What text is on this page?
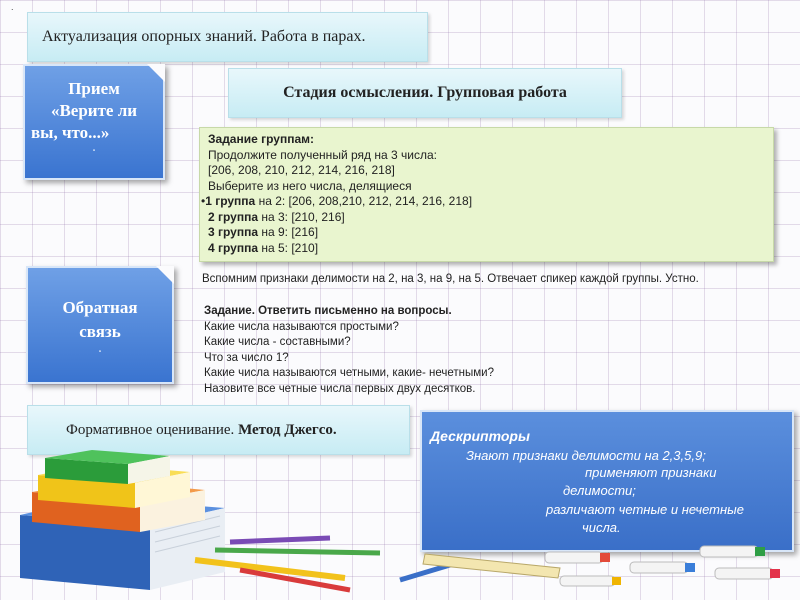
.
Актуализация опорных знаний. Работа в парах.
Стадия осмысления. Групповая работа
Прием
«Верите ли
вы, что...»
.
Задание группам:
Продолжите полученный ряд на 3 числа:
[206, 208, 210, 212, 214, 216, 218]
Выберите из него числа, делящиеся
•1 группа на 2: [206, 208,210, 212, 214, 216, 218]
2 группа на 3: [210, 216]
3 группа на 9: [216]
4 группа на 5: [210]
Обратная
связь
.
Вспомним признаки делимости на 2, на 3, на 9, на 5. Отвечает спикер каждой группы. Устно.
Задание. Ответить письменно на вопросы.
Какие числа называются простыми?
Какие числа - составными?
Что за число 1?
Какие числа называются четными, какие- нечетными?
Назовите все четные числа первых двух десятков.
Формативное оценивание. Метод Джегсо.	Дескрипторы
Знают признаки делимости на 2,3,5,9;
применяют признаки
делимости;
различают четные и нечетные
числа.
